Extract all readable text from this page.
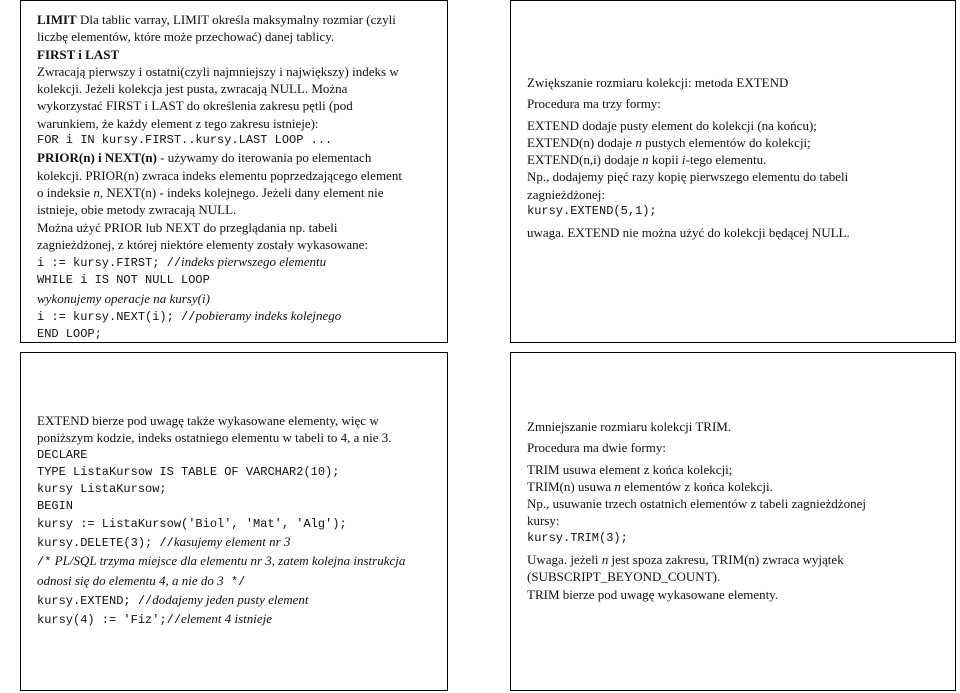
LIMIT Dla tablic varray, LIMIT określa maksymalny rozmiar (czyli
liczbę elementów, które może przechować) danej tablicy.
FIRST i LAST
Zwracają pierwszy i ostatni(czyli najmniejszy i największy) indeks w
kolekcji. Jeżeli kolekcja jest pusta, zwracają NULL. Można
wykorzystać FIRST i LAST do określenia zakresu pętli (pod
warunkiem, że każdy element z tego zakresu istnieje):
FOR i IN kursy.FIRST..kursy.LAST LOOP ...
PRIOR(n) i NEXT(n) - używamy do iterowania po elementach
kolekcji. PRIOR(n) zwraca indeks elementu poprzedzającego element
o indeksie n, NEXT(n) - indeks kolejnego. Jeżeli dany element nie
istnieje, obie metody zwracają NULL.
Można użyć PRIOR lub NEXT do przeglądania np. tabeli
zagnieżdżonej, z której niektóre elementy zostały wykasowane:
i := kursy.FIRST; //indeks pierwszego elementu
WHILE i IS NOT NULL LOOP
wykonujemy operacje na kursy(i)
i := kursy.NEXT(i); //pobieramy indeks kolejnego
END LOOP;
Zwiększanie rozmiaru kolekcji: metoda EXTEND
Procedura ma trzy formy:
EXTEND dodaje pusty element do kolekcji (na końcu);
EXTEND(n) dodaje n pustych elementów do kolekcji;
EXTEND(n,i) dodaje n kopii i-tego elementu.
Np., dodajemy pięć razy kopię pierwszego elementu do tabeli
zagnieżdżonej:
kursy.EXTEND(5,1);
uwaga. EXTEND nie można użyć do kolekcji będącej NULL.
EXTEND bierze pod uwagę także wykasowane elementy, więc w
poniższym kodzie, indeks ostatniego elementu w tabeli to 4, a nie 3.
DECLARE
TYPE ListaKursow IS TABLE OF VARCHAR2(10);
kursy ListaKursow;
BEGIN
kursy := ListaKursow('Biol', 'Mat', 'Alg');
kursy.DELETE(3); //kasujemy element nr 3
/* PL/SQL trzyma miejsce dla elementu nr 3, zatem kolejna instrukcja
odnosi się do elementu 4, a nie do 3 */
kursy.EXTEND; //dodajemy jeden pusty element
kursy(4) := 'Fiz';//element 4 istnieje
Zmniejszanie rozmiaru kolekcji TRIM.
Procedura ma dwie formy:
TRIM usuwa element z końca kolekcji;
TRIM(n) usuwa n elementów z końca kolekcji.
Np., usuwanie trzech ostatnich elementów z tabeli zagnieżdżonej
kursy:
kursy.TRIM(3);
Uwaga. jeżeli n jest spoza zakresu, TRIM(n) zwraca wyjątek
(SUBSCRIPT_BEYOND_COUNT).
TRIM bierze pod uwagę wykasowane elementy.
